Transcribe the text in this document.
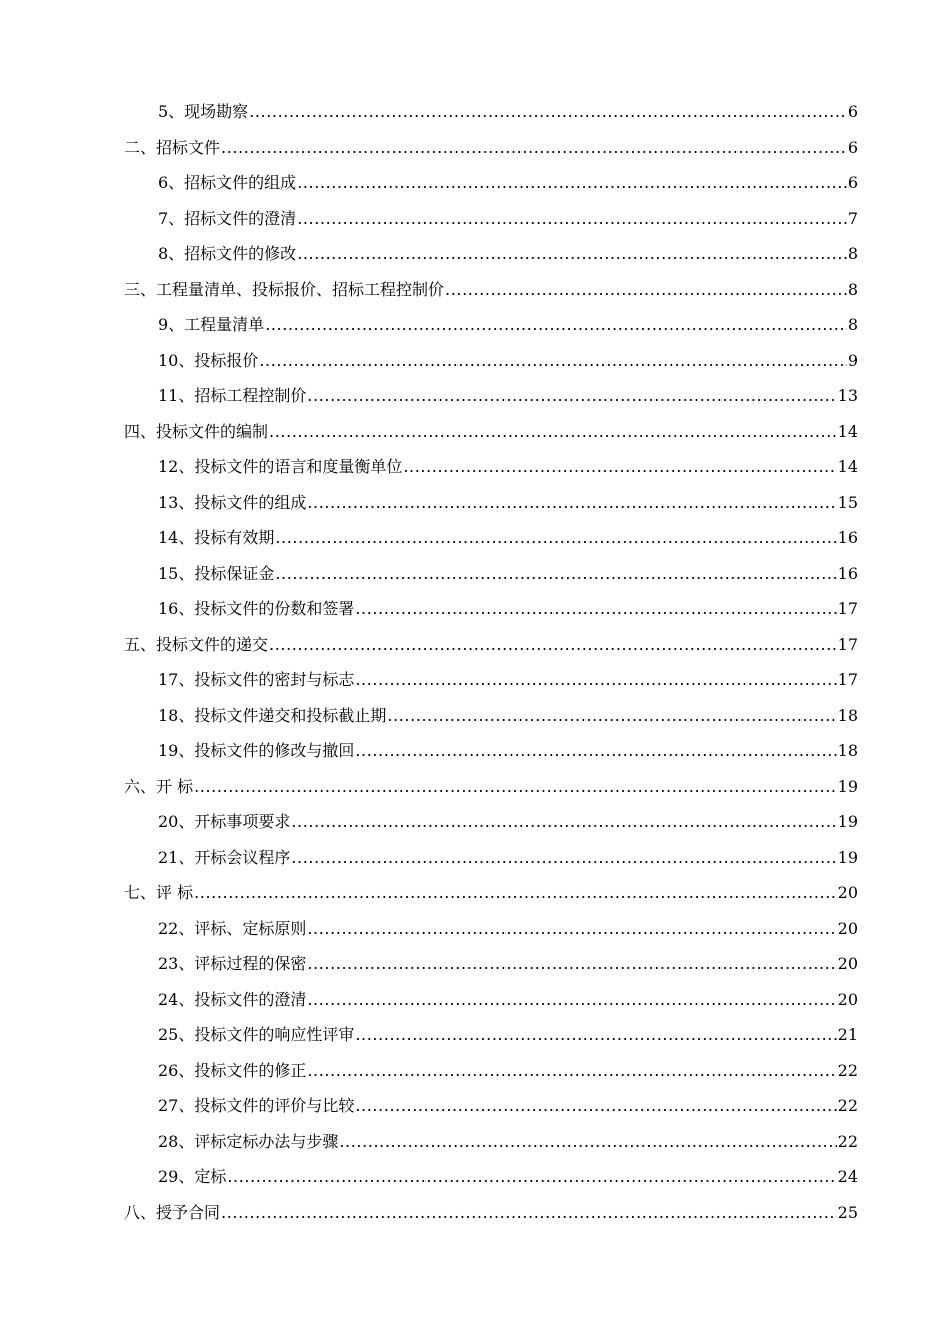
5、现场勘察 .....	6
二、招标文件 .....	6
6、招标文件的组成 .....	6
7、招标文件的澄清 .....	7
8、招标文件的修改 .....	8
三、工程量清单、投标报价、招标工程控制价 .....	8
9、工程量清单 .....	8
10、投标报价 .....	9
11、招标工程控制价 .....	13
四、投标文件的编制 .....	14
12、投标文件的语言和度量衡单位 .....	14
13、投标文件的组成 .....	15
14、投标有效期 .....	16
15、投标保证金 .....	16
16、投标文件的份数和签署 .....	17
五、投标文件的递交 .....	17
17、投标文件的密封与标志 .....	17
18、投标文件递交和投标截止期 .....	18
19、投标文件的修改与撤回 .....	18
六、开 标 .....	19
20、开标事项要求 .....	19
21、开标会议程序 .....	19
七、评 标 .....	20
22、评标、定标原则 .....	20
23、评标过程的保密 .....	20
24、投标文件的澄清 .....	20
25、投标文件的响应性评审 .....	21
26、投标文件的修正 .....	22
27、投标文件的评价与比较 .....	22
28、评标定标办法与步骤 .....	22
29、定标 .....	24
八、授予合同 .....	25
